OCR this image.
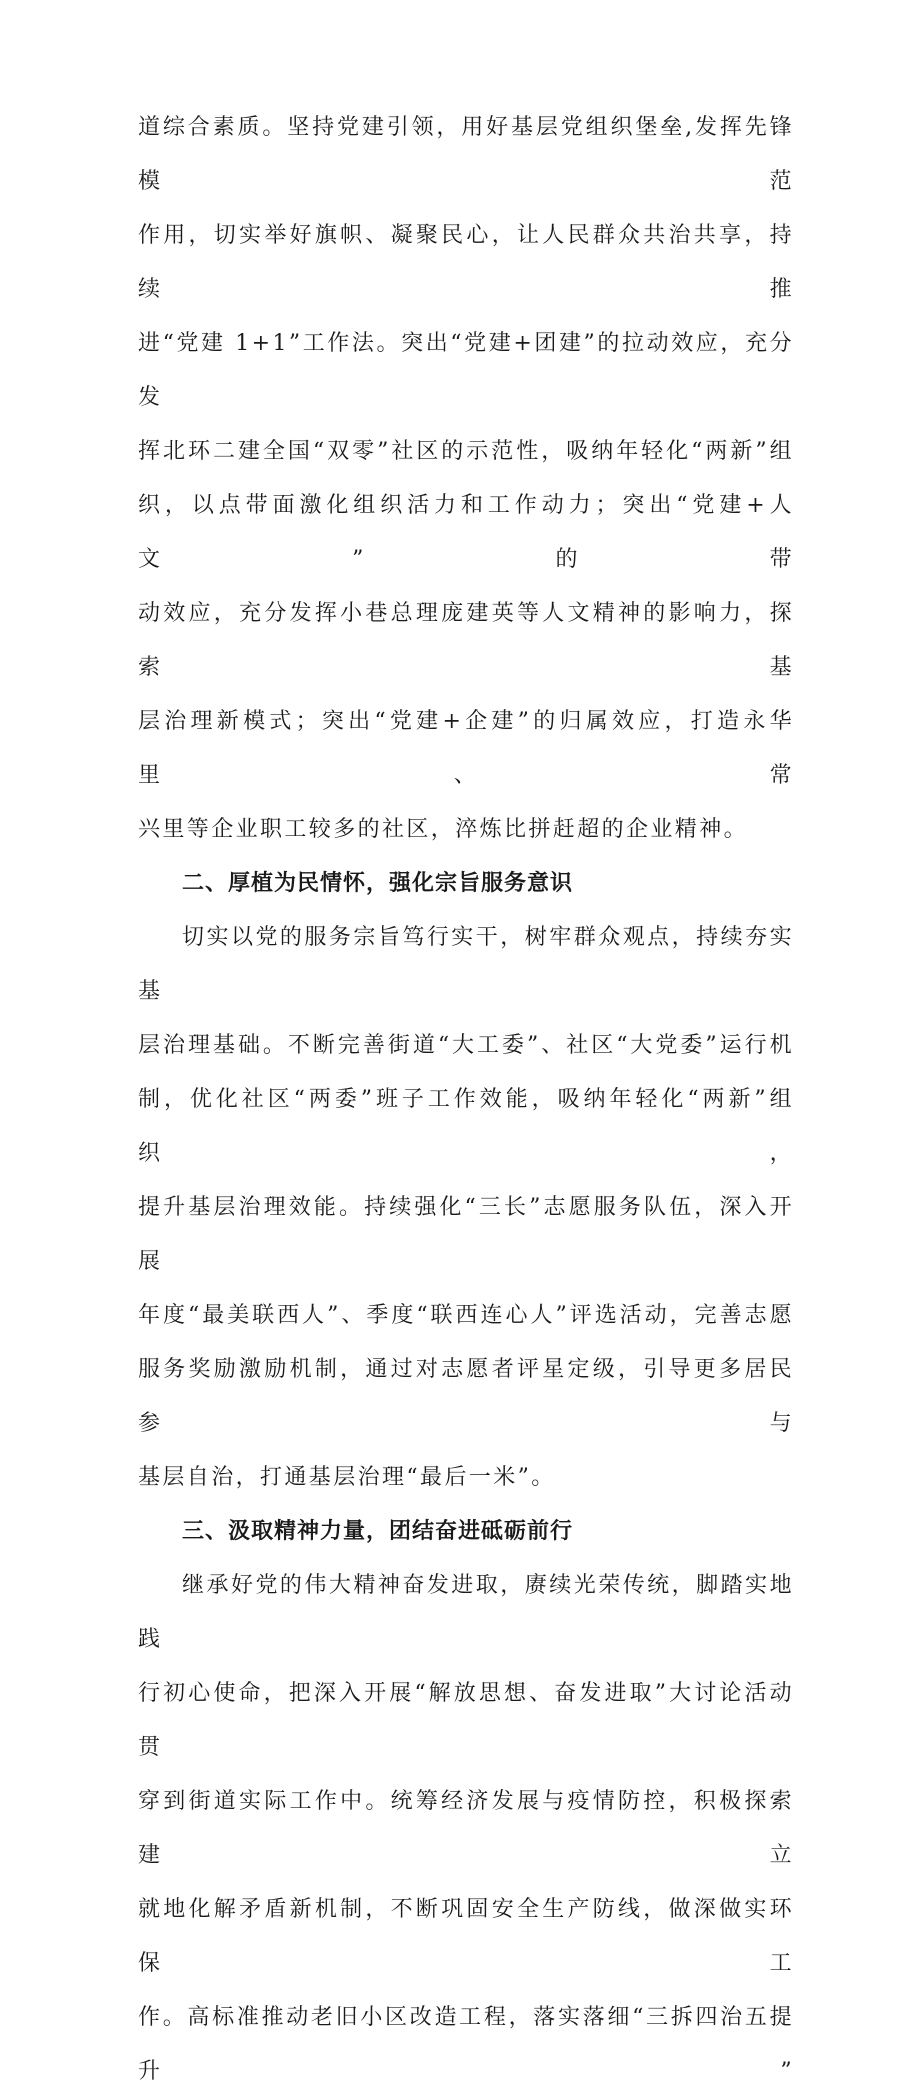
道综合素质。坚持党建引领，用好基层党组织堡垒,发挥先锋模范

作用，切实举好旗帜、凝聚民心，让人民群众共治共享，持续推

进“党建 1+1”工作法。突出“党建+团建”的拉动效应，充分发

挥北环二建全国“双零”社区的示范性，吸纳年轻化“两新”组

织，以点带面激化组织活力和工作动力；突出“党建+人文”的带

动效应，充分发挥小巷总理庞建英等人文精神的影响力，探索基

层治理新模式；突出“党建+企建”的归属效应，打造永华里、常

兴里等企业职工较多的社区，淬炼比拼赶超的企业精神。

二、厚植为民情怀，强化宗旨服务意识

切实以党的服务宗旨笃行实干，树牢群众观点，持续夯实基

层治理基础。不断完善街道“大工委”、社区“大党委”运行机

制，优化社区“两委”班子工作效能，吸纳年轻化“两新”组织，

提升基层治理效能。持续强化“三长”志愿服务队伍，深入开展

年度“最美联西人”、季度“联西连心人”评选活动，完善志愿

服务奖励激励机制，通过对志愿者评星定级，引导更多居民参与

基层自治，打通基层治理“最后一米”。

三、汲取精神力量，团结奋进砥砺前行

继承好党的伟大精神奋发进取，赓续光荣传统，脚踏实地践

行初心使命，把深入开展“解放思想、奋发进取”大讨论活动贯

穿到街道实际工作中。统筹经济发展与疫情防控，积极探索建立

就地化解矛盾新机制，不断巩固安全生产防线，做深做实环保工

作。高标准推动老旧小区改造工程，落实落细“三拆四治五提升”
